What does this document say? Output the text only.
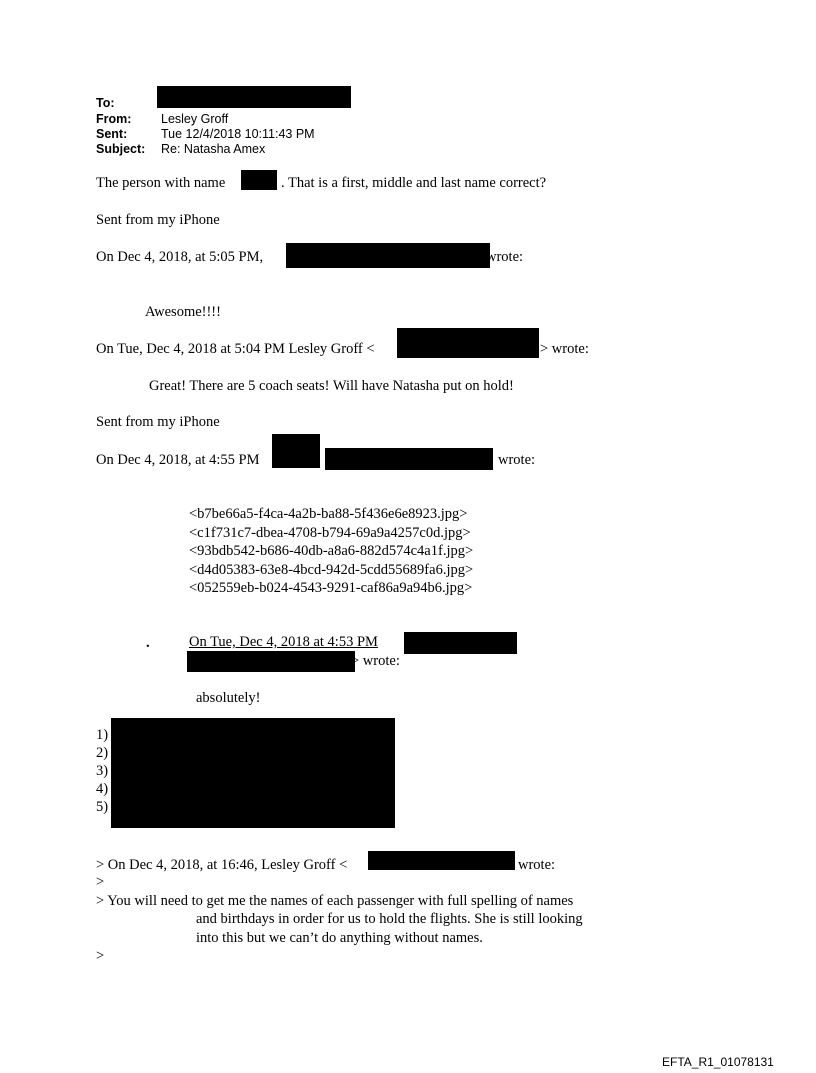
To:
From: Lesley Groff
Sent:	Tue 12/4/2018 10:11:43 PM
Subject: Re: Natasha Amex
The person with name	. That is a first, middle and last name correct?
Sent from my iPhone
On Dec 4, 2018, at 5:05 PM,	wrote:
Awesome!!!!
On Tue, Dec 4, 2018 at 5:04 PM Lesley Groff <	> wrote:
Great! There are 5 coach seats! Will have Natasha put on hold!
Sent from my iPhone
On Dec 4, 2018, at 4:55 PM	wrote:
<b7be66a5-f4ca-4a2b-ba88-5f436e6e8923.jpg>
<c1f731c7-dbea-4708-b794-69a9a4257c0d.jpg>
<93bdb542-b686-40db-a8a6-882d574c4a1f.jpg>
<d4d05383-63e8-4bcd-942d-5cdd55689fa6.jpg>
<052559eb-b024-4543-9291-caf86a9a94b6.jpg>
.	On Tue, Dec 4, 2018 at 4:53 PM
> wrote:
absolutely!
1)
2)
3)
4)
5)
> On Dec 4, 2018, at 16:46, Lesley Groff <	wrote:
>
> You will need to get me the names of each passenger with full spelling of names
and birthdays in order for us to hold the flights. She is still looking
into this but we can’t do anything without names.
>
EFTA_R1_01078131
